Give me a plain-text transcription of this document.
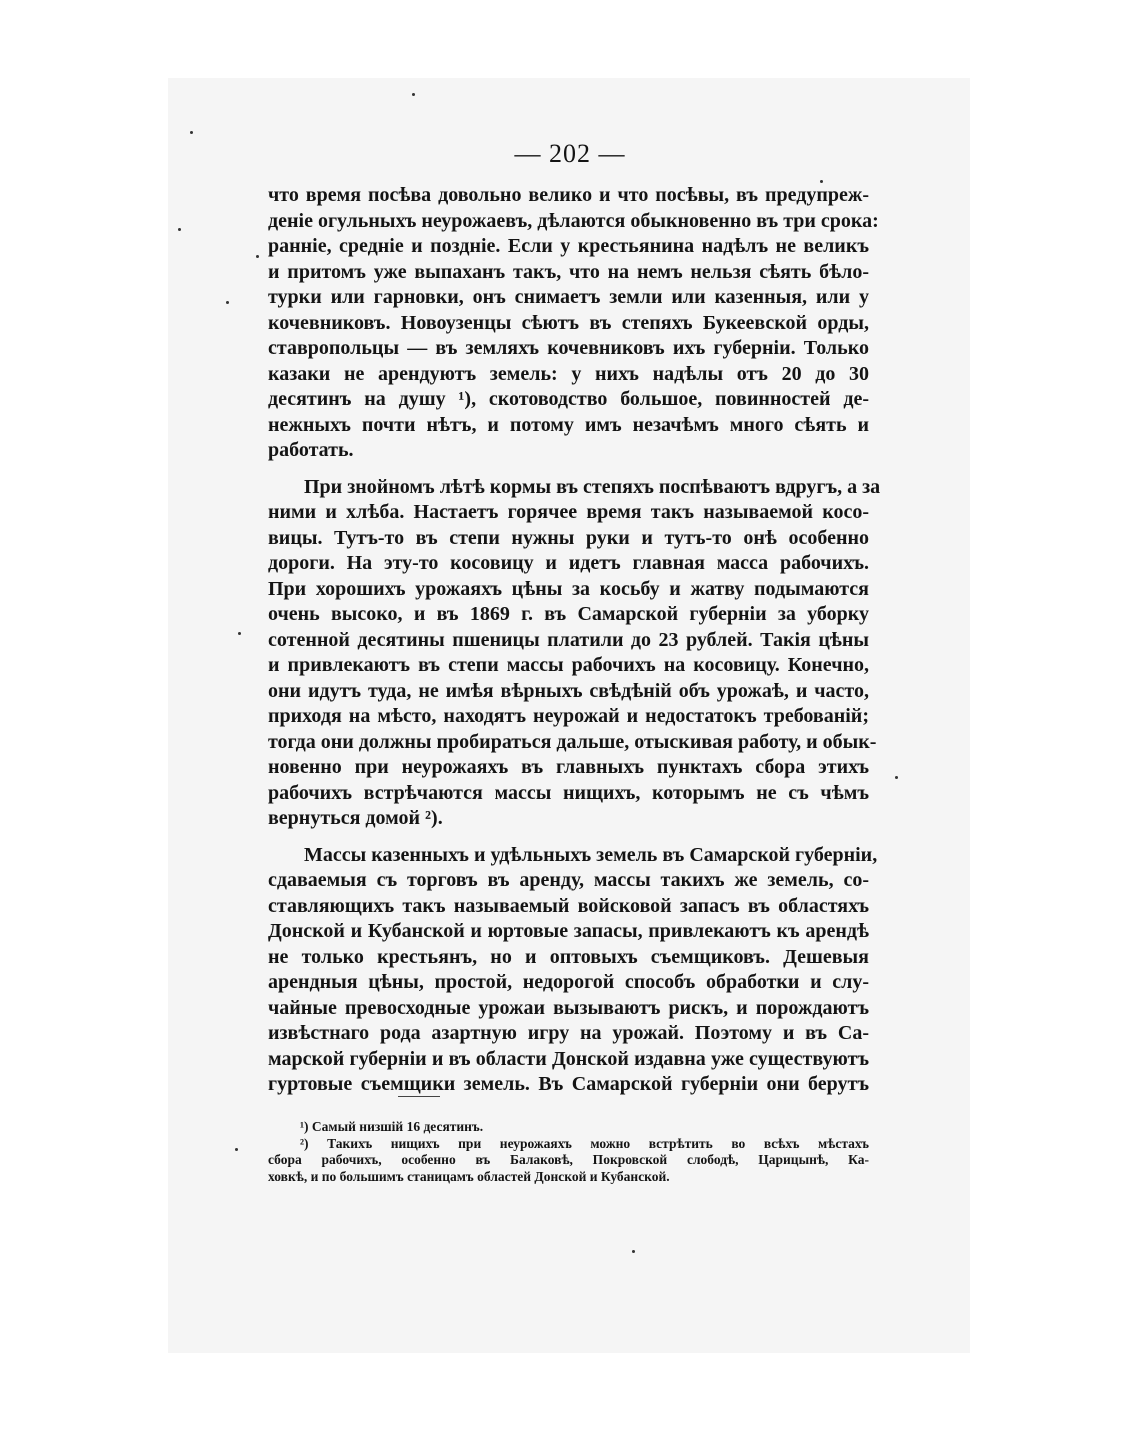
— 202 —
что время посѣва довольно велико и что посѣвы, въ предупреж-
деніе огульныхъ неурожаевъ, дѣлаются обыкновенно въ три срока:
ранніе, средніе и поздніе. Если у крестьянина надѣлъ не великъ
и притомъ уже выпаханъ такъ, что на немъ нельзя сѣять бѣло-
турки или гарновки, онъ снимаетъ земли или казенныя, или у
кочевниковъ. Новоузенцы сѣютъ въ степяхъ Букеевской орды,
ставропольцы — въ земляхъ кочевниковъ ихъ губерніи. Только
казаки не арендуютъ земель: у нихъ надѣлы отъ 20 до 30
десятинъ на душу ¹), скотоводство большое, повинностей де-
нежныхъ почти нѣтъ, и потому имъ незачѣмъ много сѣять и
работать.
При знойномъ лѣтѣ кормы въ степяхъ поспѣваютъ вдругъ, а за
ними и хлѣба. Настаетъ горячее время такъ называемой косо-
вицы. Тутъ-то въ степи нужны руки и тутъ-то онѣ особенно
дороги. На эту-то косовицу и идетъ главная масса рабочихъ.
При хорошихъ урожаяхъ цѣны за косьбу и жатву подымаются
очень высоко, и въ 1869 г. въ Самарской губерніи за уборку
сотенной десятины пшеницы платили до 23 рублей. Такія цѣны
и привлекаютъ въ степи массы рабочихъ на косовицу. Конечно,
они идутъ туда, не имѣя вѣрныхъ свѣдѣній объ урожаѣ, и часто,
приходя на мѣсто, находятъ неурожай и недостатокъ требованій;
тогда они должны пробираться дальше, отыскивая работу, и обык-
новенно при неурожаяхъ въ главныхъ пунктахъ сбора этихъ
рабочихъ встрѣчаются массы нищихъ, которымъ не съ чѣмъ
вернуться домой ²).
Массы казенныхъ и удѣльныхъ земель въ Самарской губерніи,
сдаваемыя съ торговъ въ аренду, массы такихъ же земель, со-
ставляющихъ такъ называемый войсковой запасъ въ областяхъ
Донской и Кубанской и юртовые запасы, привлекаютъ къ арендѣ
не только крестьянъ, но и оптовыхъ съемщиковъ. Дешевыя
арендныя цѣны, простой, недорогой способъ обработки и слу-
чайные превосходные урожаи вызываютъ рискъ, и порождаютъ
извѣстнаго рода азартную игру на урожай. Поэтому и въ Са-
марской губерніи и въ области Донской издавна уже существуютъ
гуртовые съемщики земель. Въ Самарской губерніи они берутъ
¹) Самый низшій 16 десятинъ.
²) Такихъ нищихъ при неурожаяхъ можно встрѣтить во всѣхъ мѣстахъ
сбора рабочихъ, особенно въ Балаковѣ, Покровской слободѣ, Царицынѣ, Ка-
ховкѣ, и по большимъ станицамъ областей Донской и Кубанской.
